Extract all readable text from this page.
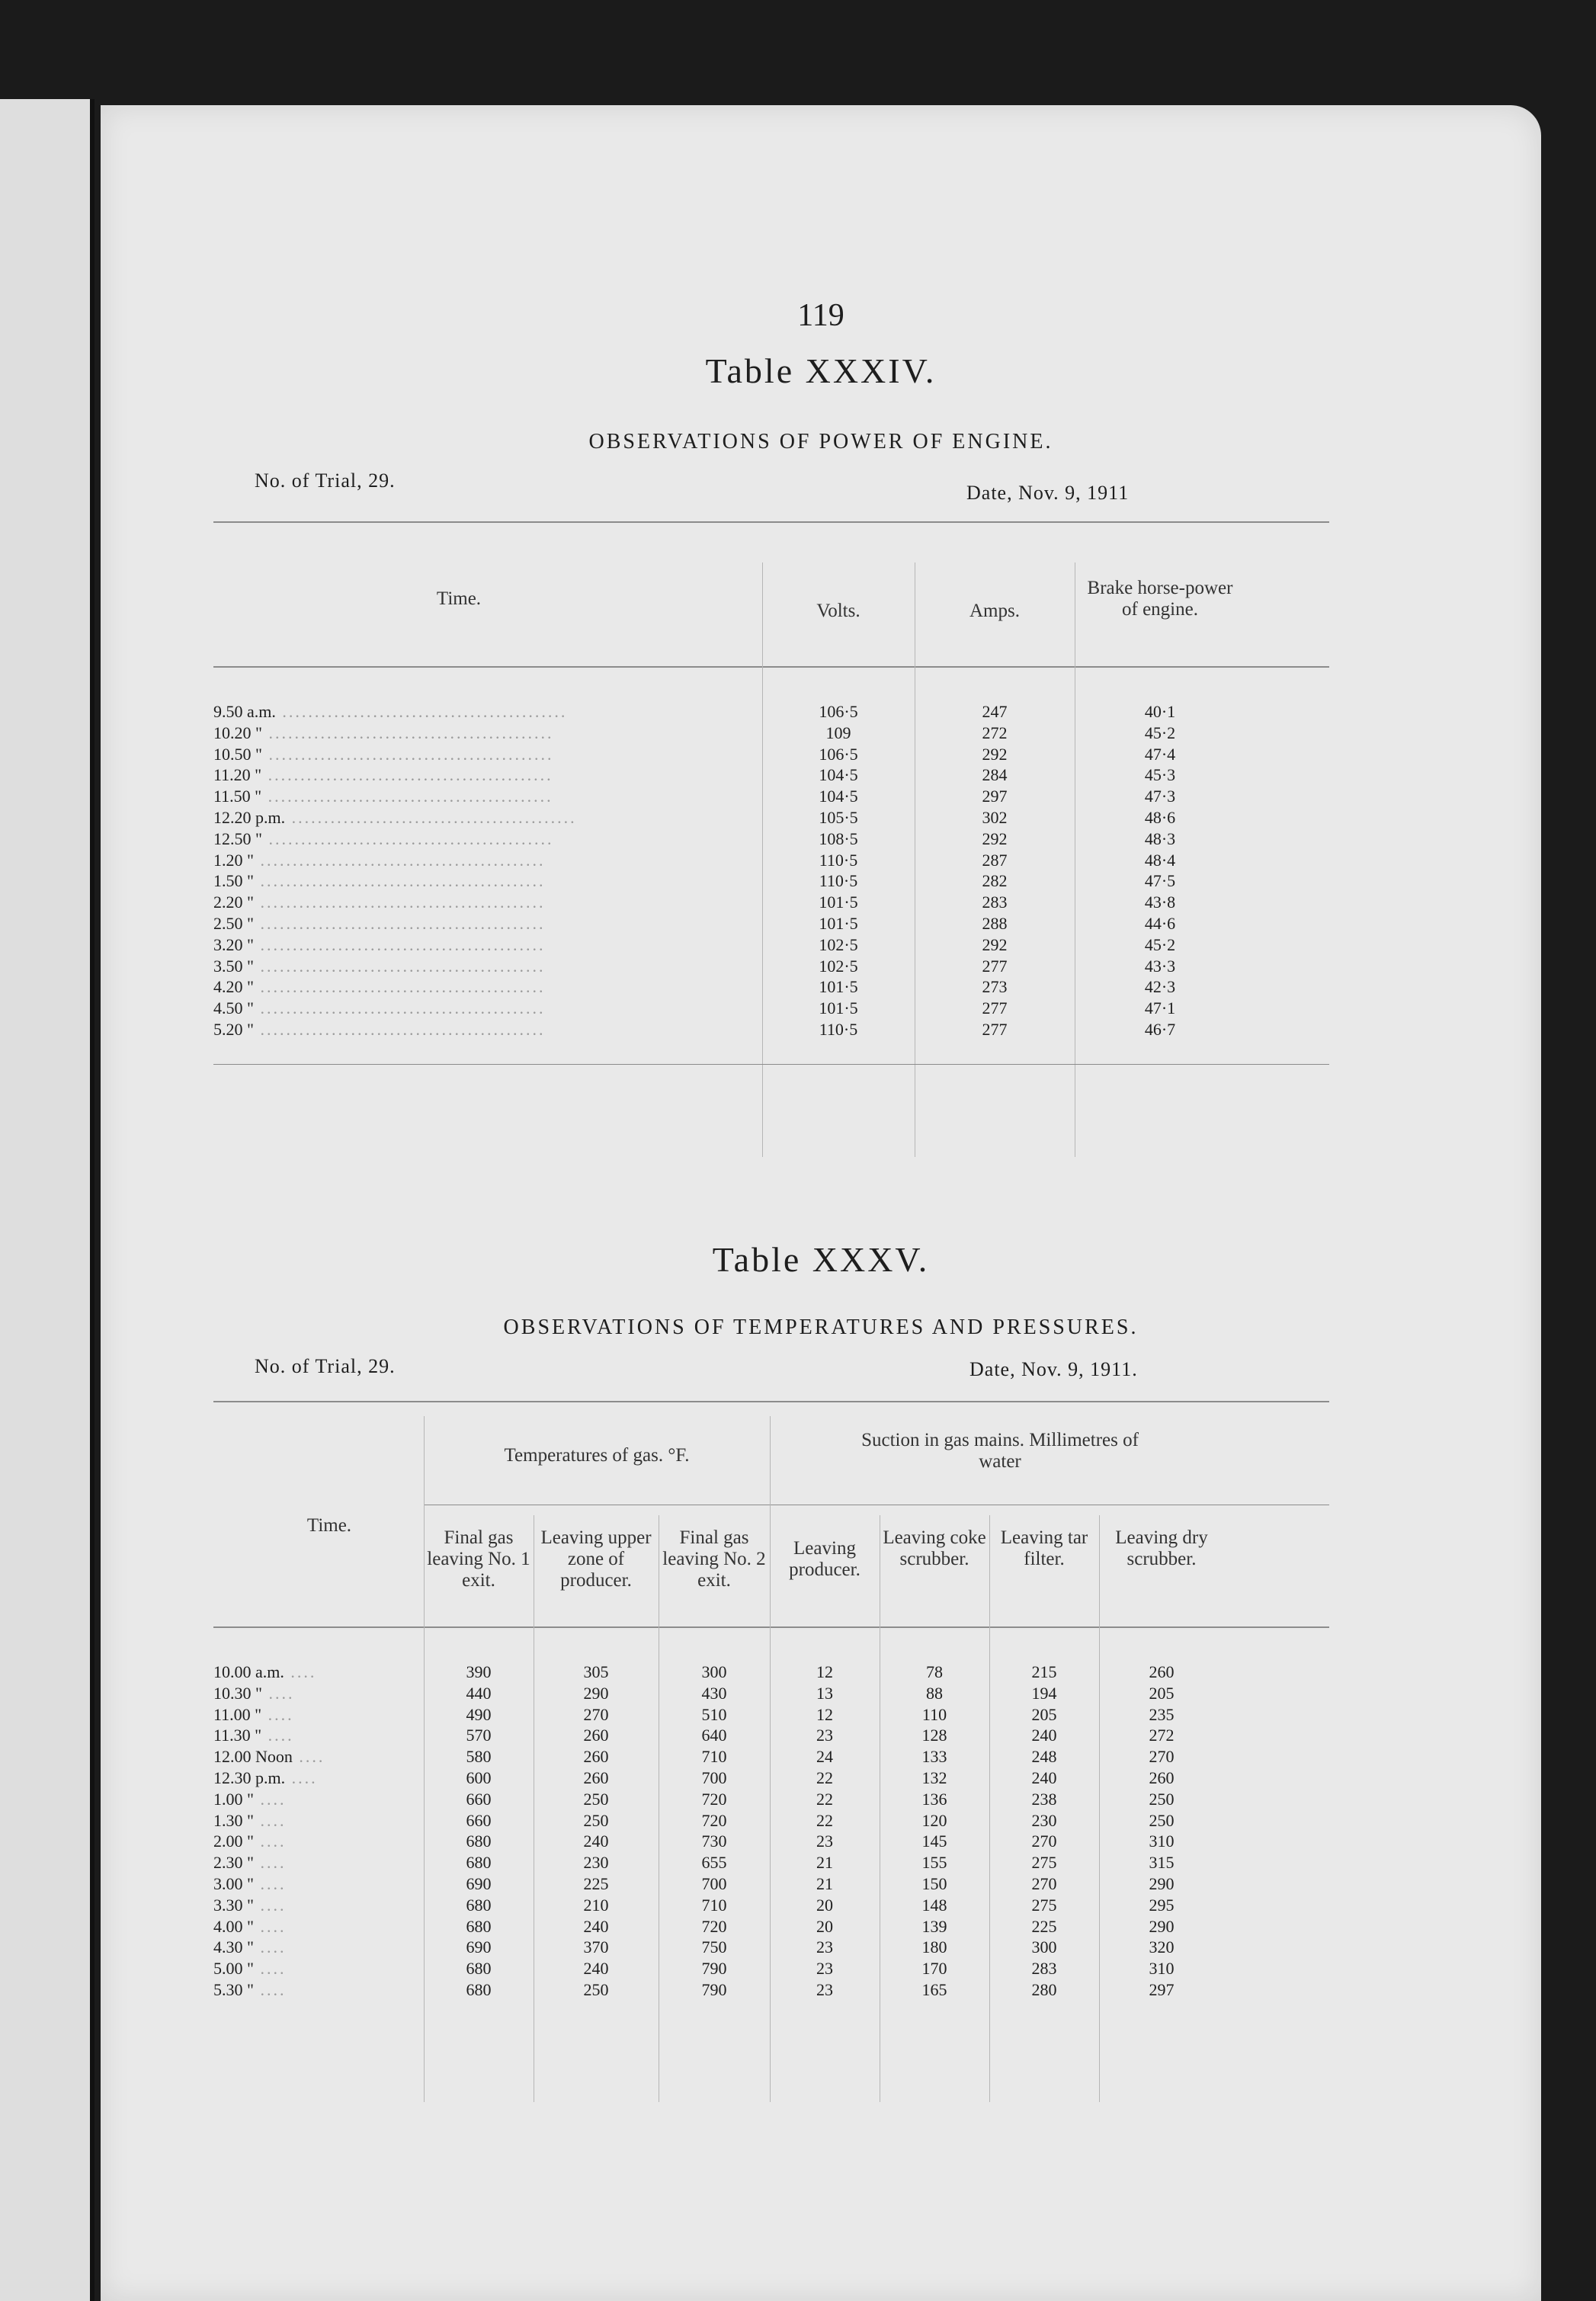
119
Table XXXIV.
OBSERVATIONS OF POWER OF ENGINE.
No. of Trial, 29.
Date, Nov. 9, 1911
Time.
Volts.	Amps.
Brake horse-power of engine.
9.50 a.m. ............................................
10.20 " ............................................
10.50 " ............................................
11.20 " ............................................
11.50 " ............................................
12.20 p.m. ............................................
12.50 " ............................................
1.20 " ............................................
1.50 " ............................................
2.20 " ............................................
2.50 " ............................................
3.20 " ............................................
3.50 " ............................................
4.20 " ............................................
4.50 " ............................................
5.20 " ............................................
106·5
109
106·5
104·5
104·5
105·5
108·5
110·5
110·5
101·5
101·5
102·5
102·5
101·5
101·5
110·5
247
272
292
284
297
302
292
287
282
283
288
292
277
273
277
277
40·1
45·2
47·4
45·3
47·3
48·6
48·3
48·4
47·5
43·8
44·6
45·2
43·3
42·3
47·1
46·7
Table XXXV.
OBSERVATIONS OF TEMPERATURES AND PRESSURES.
No. of Trial, 29.	Date, Nov. 9, 1911.
Time.
Temperatures of gas. °F.
Suction in gas mains. Millimetres of water
Final gas leaving No. 1 exit.
Leaving upper zone of producer.
Final gas leaving No. 2 exit.
Leaving producer.
Leaving coke scrubber.
Leaving tar filter.
Leaving dry scrubber.
10.00 a.m. ....
10.30 " ....
11.00 " ....
11.30 " ....
12.00 Noon ....
12.30 p.m. ....
1.00 " ....
1.30 " ....
2.00 " ....
2.30 " ....
3.00 " ....
3.30 " ....
4.00 " ....
4.30 " ....
5.00 " ....
5.30 " ....
390
440
490
570
580
600
660
660
680
680
690
680
680
690
680
680
305
290
270
260
260
260
250
250
240
230
225
210
240
370
240
250
300
430
510
640
710
700
720
720
730
655
700
710
720
750
790
790
12
13
12
23
24
22
22
22
23
21
21
20
20
23
23
23
78
88
110
128
133
132
136
120
145
155
150
148
139
180
170
165
215
194
205
240
248
240
238
230
270
275
270
275
225
300
283
280
260
205
235
272
270
260
250
250
310
315
290
295
290
320
310
297
